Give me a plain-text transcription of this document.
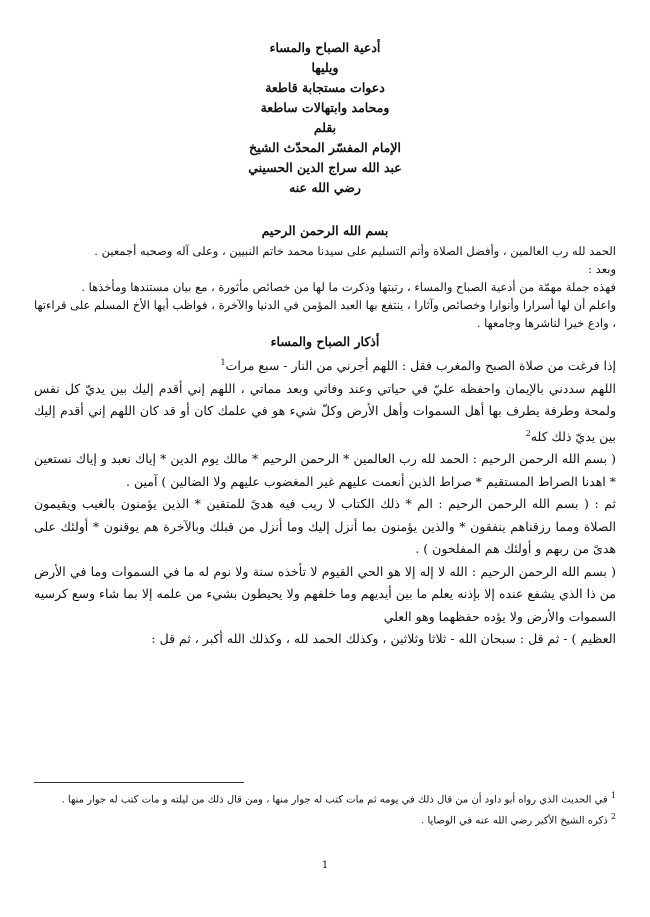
أدعية الصباح والمساء
ويليها
دعوات مستجابة قاطعة
ومحامد وابتهالات ساطعة
بقلم
الإمام المفسّر المحدّث الشيخ
عبد الله سراج الدين الحسيني
رضي الله عنه
بسم الله الرحمن الرحيم

الحمد لله رب العالمين ، وأفضل الصلاة وأتم التسليم على سيدنا محمد خاتم النبيين ، وعلى آله وصحبه أجمعين .

وبعد :

فهذه جملة مهمّة من أدعية الصباح والمساء ، رتبتها وذكرت ما لها من خصائص مأثورة ، مع بيان مستندها ومأخذها .

واعلم أن لها أسرارا وأنوارا وخصائص وآثارا ، ينتفع بها العبد المؤمن في الدنيا والآخرة ، فواظب أيها الأخ المسلم على قراءتها ، وادع خيرا لناشرها وجامعها .

أذكار الصباح والمساء

إذا فرغت من صلاة الصبح والمغرب فقل : اللهم أجرني من النار - سبع مرات$^1$

اللهم سددني بالإيمان واحفظه عليّ في حياتي وعند وفاتي وبعد مماتي ، اللهم إني أقدم إليك بين يديّ كل نفس ولمحة وطرفة يطرف بها أهل السموات وأهل الأرض وكلّ شيء هو في علمك كان أو قد كان اللهم إني أقدم إليك بين يديّ ذلك كله$^2$

( بسم الله الرحمن الرحيم : الحمد لله رب العالمين * الرحمن الرحيم * مالك يوم الدين * إياك نعبد و إياك نستعين * اهدنا الصراط المستقيم * صراط الذين أنعمت عليهم غير المغضوب عليهم ولا الضالين ) آمين .

ثم : ( بسم الله الرحمن الرحيم : الم * ذلك الكتاب لا ريب فيه هدىً للمتقين * الذين يؤمنون بالغيب ويقيمون الصلاة ومما رزقناهم ينفقون * والذين يؤمنون بما أنزل إليك وما أنزل من قبلك وبالآخرة هم يوقنون * أولئك على هدىً من ربهم و أولئك هم المفلحون ) .

( بسم الله الرحمن الرحيم : الله لا إله إلا هو الحي القيوم لا تأخذه سنة ولا نوم له ما في السموات وما في الأرض من ذا الذي يشفع عنده إلا بإذنه يعلم ما بين أيديهم وما خلفهم ولا يحيطون بشيء من علمه إلا بما شاء وسع كرسيه السموات والأرض ولا يؤده حفظهما وهو العلي

العظيم ) - ثم قل : سبحان الله - ثلاثا وثلاثين ، وكذلك الحمد لله ، وكذلك الله أكبر ، ثم قل :

$^1$ في الحديث الذي رواه أبو داود أن من قال ذلك في يومه ثم مات كتب له جوار منها ، ومن قال ذلك من ليلته و مات كتب له جوار منها .
$^2$ ذكره الشيخ الأكبر رضي الله عنه في الوصايا .
1
